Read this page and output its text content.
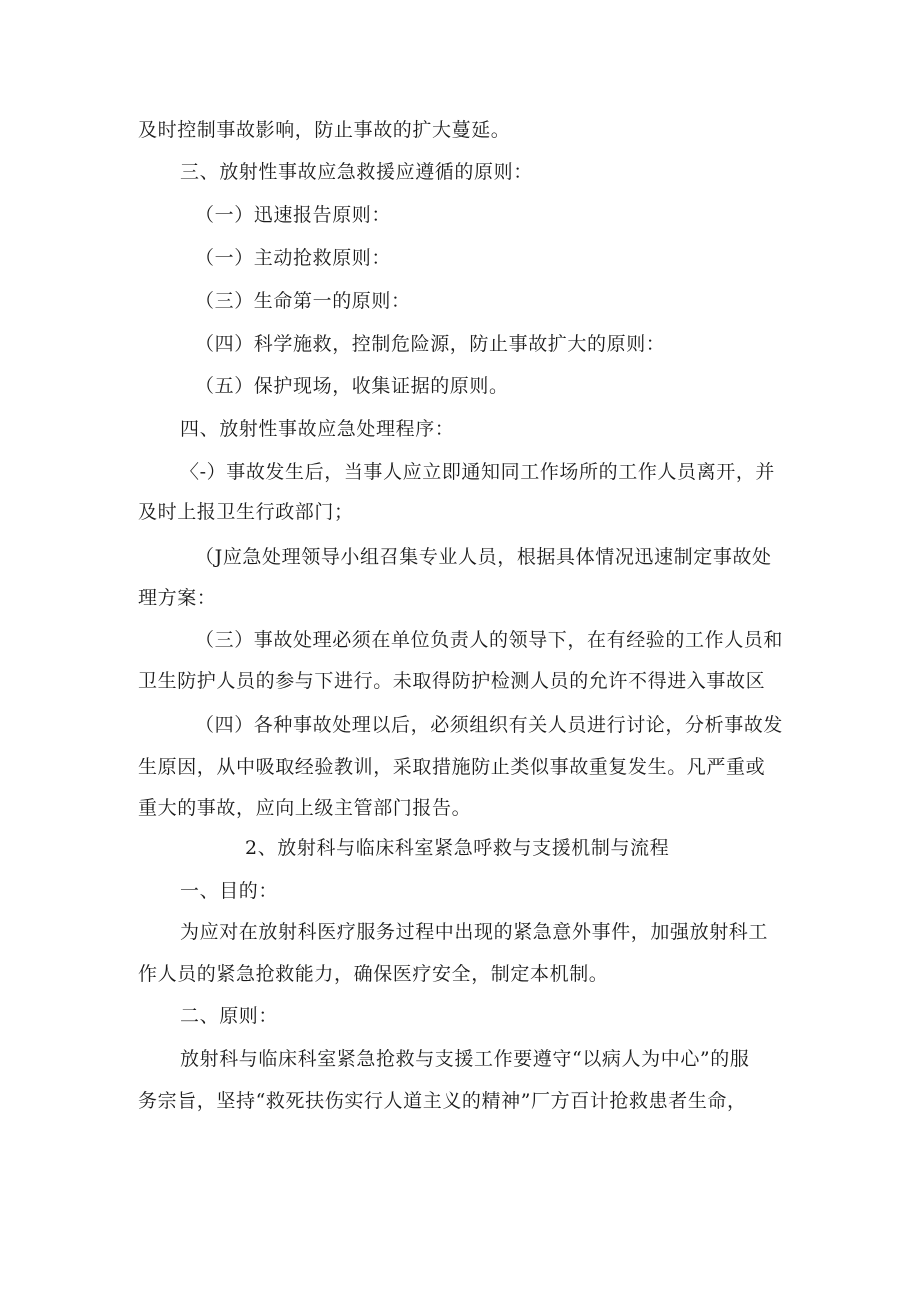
及时控制事故影响，防止事故的扩大蔓延。
三、放射性事故应急救援应遵循的原则：
（一）迅速报告原则：
（一）主动抢救原则：
（三）生命第一的原则：
（四）科学施救，控制危险源，防止事故扩大的原则：
（五）保护现场，收集证据的原则。
四、放射性事故应急处理程序：
〈-）事故发生后，当事人应立即通知同工作场所的工作人员离开，并
及时上报卫生行政部门；
（J应急处理领导小组召集专业人员，根据具体情况迅速制定事故处
理方案：
（三）事故处理必须在单位负责人的领导下，在有经验的工作人员和
卫生防护人员的参与下进行。未取得防护检测人员的允许不得进入事故区
（四）各种事故处理以后，必须组织有关人员进行讨论，分析事故发
生原因，从中吸取经验教训，采取措施防止类似事故重复发生。凡严重或
重大的事故，应向上级主管部门报告。
2、放射科与临床科室紧急呼救与支援机制与流程
一、目的：
为应对在放射科医疗服务过程中出现的紧急意外事件，加强放射科工
作人员的紧急抢救能力，确保医疗安全，制定本机制。
二、原则：
放射科与临床科室紧急抢救与支援工作要遵守“以病人为中心”的服
务宗旨，坚持“救死扶伤实行人道主义的精神”厂方百计抢救患者生命，
